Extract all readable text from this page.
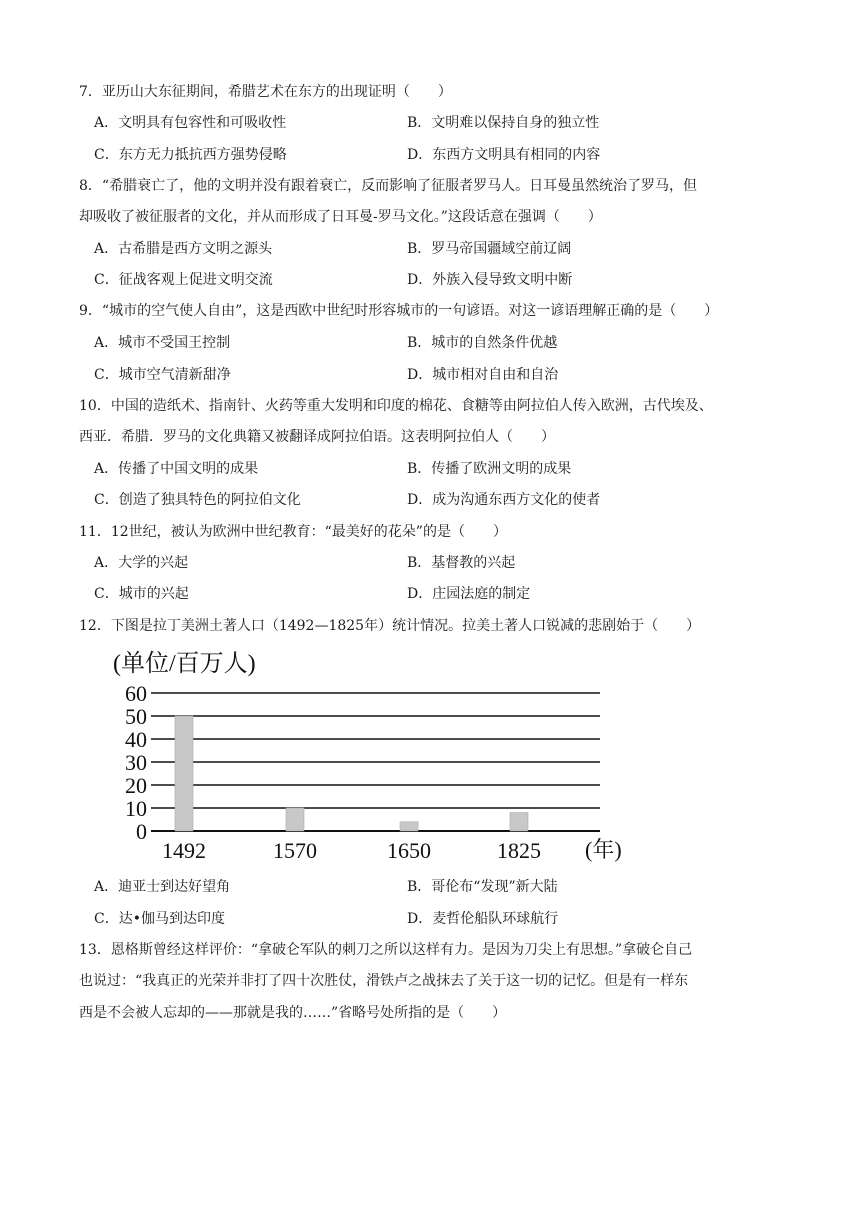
7．亚历山大东征期间，希腊艺术在东方的出现证明（　　）
A．文明具有包容性和可吸收性	B．文明难以保持自身的独立性
C．东方无力抵抗西方强势侵略	D．东西方文明具有相同的内容
8．“希腊衰亡了，他的文明并没有跟着衰亡，反而影响了征服者罗马人。日耳曼虽然统治了罗马，但
却吸收了被征服者的文化，并从而形成了日耳曼-罗马文化。”这段话意在强调（　　）
A．古希腊是西方文明之源头	B．罗马帝国疆域空前辽阔
C．征战客观上促进文明交流	D．外族入侵导致文明中断
9．“城市的空气使人自由”，这是西欧中世纪时形容城市的一句谚语。对这一谚语理解正确的是（　　）
A．城市不受国王控制	B．城市的自然条件优越
C．城市空气清新甜净	D．城市相对自由和自治
10．中国的造纸术、指南针、火药等重大发明和印度的棉花、食糖等由阿拉伯人传入欧洲，古代埃及、
西亚．希腊．罗马的文化典籍又被翻译成阿拉伯语。这表明阿拉伯人（　　）
A．传播了中国文明的成果	B．传播了欧洲文明的成果
C．创造了独具特色的阿拉伯文化	D．成为沟通东西方文化的使者
11．12世纪，被认为欧洲中世纪教育：“最美好的花朵”的是（　　）
A．大学的兴起	B．基督教的兴起
C．城市的兴起	D．庄园法庭的制定
12．下图是拉丁美洲土著人口（1492—1825年）统计情况。拉美土著人口锐减的悲剧始于（　　）
(单位/百万人)
(年)
0
10
20
30
40
50
60
1492	1570	1650	1825
A．迪亚士到达好望角	B．哥伦布“发现”新大陆
C．达•伽马到达印度	D．麦哲伦船队环球航行
13．恩格斯曾经这样评价：“拿破仑军队的刺刀之所以这样有力。是因为刀尖上有思想。”拿破仑自己
也说过：“我真正的光荣并非打了四十次胜仗，滑铁卢之战抹去了关于这一切的记忆。但是有一样东
西是不会被人忘却的——那就是我的……”省略号处所指的是（　　）
